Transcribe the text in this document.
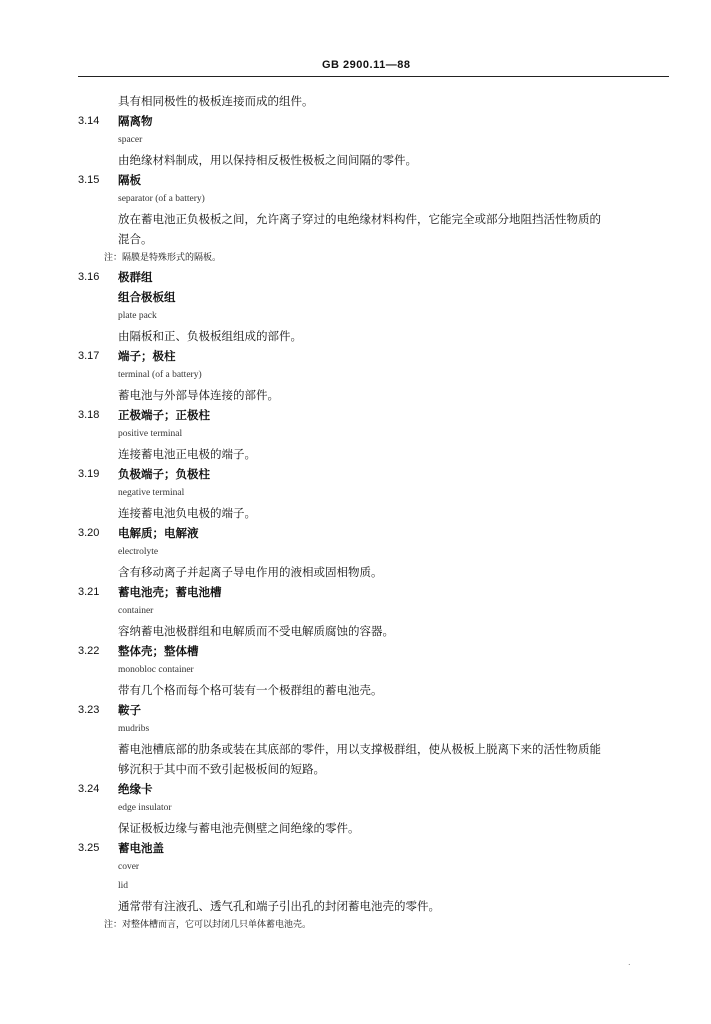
GB 2900.11—88
具有相同极性的极板连接而成的组件。
3.14 隔离物
spacer
由绝缘材料制成，用以保持相反极性极板之间间隔的零件。
3.15 隔板
separator (of a battery)
放在蓄电池正负极板之间，允许离子穿过的电绝缘材料构件，它能完全或部分地阻挡活性物质的
混合。
注：隔膜是特殊形式的隔板。
3.16 极群组
组合极板组
plate pack
由隔板和正、负极板组组成的部件。
3.17 端子；极柱
terminal (of a battery)
蓄电池与外部导体连接的部件。
3.18 正极端子；正极柱
positive terminal
连接蓄电池正电极的端子。
3.19 负极端子；负极柱
negative terminal
连接蓄电池负电极的端子。
3.20 电解质；电解液
electrolyte
含有移动离子并起离子导电作用的液相或固相物质。
3.21 蓄电池壳；蓄电池槽
container
容纳蓄电池极群组和电解质而不受电解质腐蚀的容器。
3.22 整体壳；整体槽
monobloc container
带有几个格而每个格可装有一个极群组的蓄电池壳。
3.23 鞍子
mudribs
蓄电池槽底部的肋条或装在其底部的零件，用以支撑极群组，使从极板上脱离下来的活性物质能
够沉积于其中而不致引起极板间的短路。
3.24 绝缘卡
edge insulator
保证极板边缘与蓄电池壳侧壁之间绝缘的零件。
3.25 蓄电池盖
cover
lid
通常带有注液孔、透气孔和端子引出孔的封闭蓄电池壳的零件。
注：对整体槽而言，它可以封闭几只单体蓄电池壳。
.
